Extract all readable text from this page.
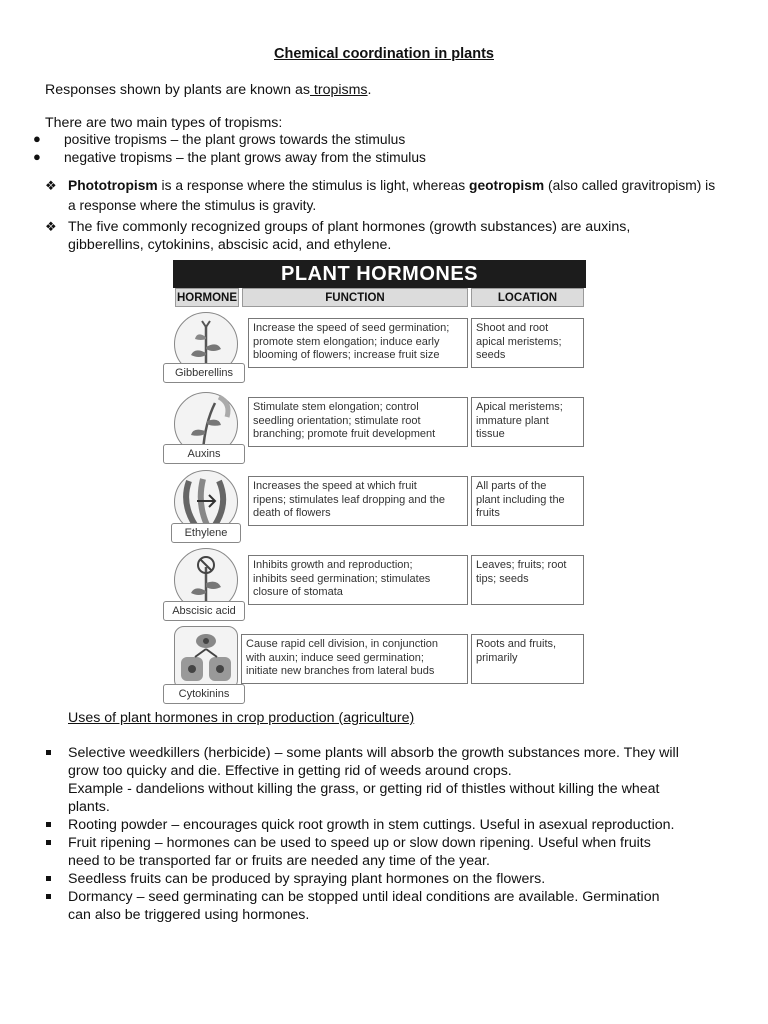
Chemical coordination in plants
Responses shown by plants are known as tropisms.
There are two main types of tropisms:
● positive tropisms – the plant grows towards the stimulus
● negative tropisms – the plant grows away from the stimulus
❖ Phototropism is a response where the stimulus is light, whereas geotropism (also called gravitropism) is
a response where the stimulus is gravity.
❖ The five commonly recognized groups of plant hormones (growth substances) are auxins,
gibberellins, cytokinins, abscisic acid, and ethylene.
PLANT HORMONES
HORMONE	FUNCTION	LOCATION
Gibberellins
Increase the speed of seed germination;
promote stem elongation; induce early
blooming of flowers; increase fruit size
Shoot and root
apical meristems;
seeds
Auxins
Stimulate stem elongation; control
seedling orientation; stimulate root
branching; promote fruit development
Apical meristems;
immature plant
tissue
Ethylene
Increases the speed at which fruit
ripens; stimulates leaf dropping and the
death of flowers
All parts of the
plant including the
fruits
Abscisic acid
Inhibits growth and reproduction;
inhibits seed germination; stimulates
closure of stomata
Leaves; fruits; root
tips; seeds
Cytokinins
Cause rapid cell division, in conjunction
with auxin; induce seed germination;
initiate new branches from lateral buds
Roots and fruits,
primarily
Uses of plant hormones in crop production (agriculture)
Selective weedkillers (herbicide) – some plants will absorb the growth substances more. They will
grow too quicky and die. Effective in getting rid of weeds around crops.
Example - dandelions without killing the grass, or getting rid of thistles without killing the wheat
plants.
Rooting powder – encourages quick root growth in stem cuttings. Useful in asexual reproduction.
Fruit ripening – hormones can be used to speed up or slow down ripening. Useful when fruits
need to be transported far or fruits are needed any time of the year.
Seedless fruits can be produced by spraying plant hormones on the flowers.
Dormancy – seed germinating can be stopped until ideal conditions are available. Germination
can also be triggered using hormones.
